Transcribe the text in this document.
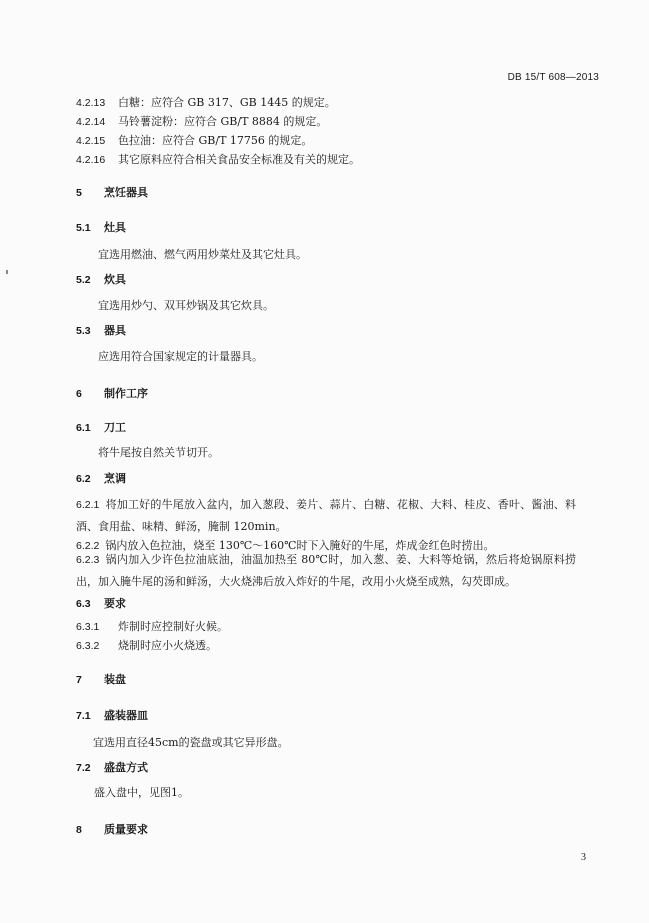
DB 15/T 608—2013
4.2.13 白糖：应符合 GB 317、GB 1445 的规定。
4.2.14 马铃薯淀粉：应符合 GB/T 8884 的规定。
4.2.15 色拉油：应符合 GB/T 17756 的规定。
4.2.16 其它原料应符合相关食品安全标准及有关的规定。
5 烹饪器具
5.1 灶具
宜选用燃油、燃气两用炒菜灶及其它灶具。
5.2 炊具
宜选用炒勺、双耳炒锅及其它炊具。
5.3 器具
应选用符合国家规定的计量器具。
6 制作工序
6.1 刀工
将牛尾按自然关节切开。
6.2 烹调
6.2.1 将加工好的牛尾放入盆内，加入葱段、姜片、蒜片、白糖、花椒、大料、桂皮、香叶、酱油、料酒、食用盐、味精、鲜汤，腌制 120min。
6.2.2 锅内放入色拉油，烧至 130℃～160℃时下入腌好的牛尾，炸成金红色时捞出。
6.2.3 锅内加入少许色拉油底油，油温加热至 80℃时，加入葱、姜、大料等炝锅，然后将炝锅原料捞出，加入腌牛尾的汤和鲜汤，大火烧沸后放入炸好的牛尾，改用小火烧至成熟，勾芡即成。
6.3 要求
6.3.1 炸制时应控制好火候。
6.3.2 烧制时应小火烧透。
7 装盘
7.1 盛装器皿
宜选用直径45cm的瓷盘或其它异形盘。
7.2 盛盘方式
盛入盘中，见图1。
8 质量要求
3
